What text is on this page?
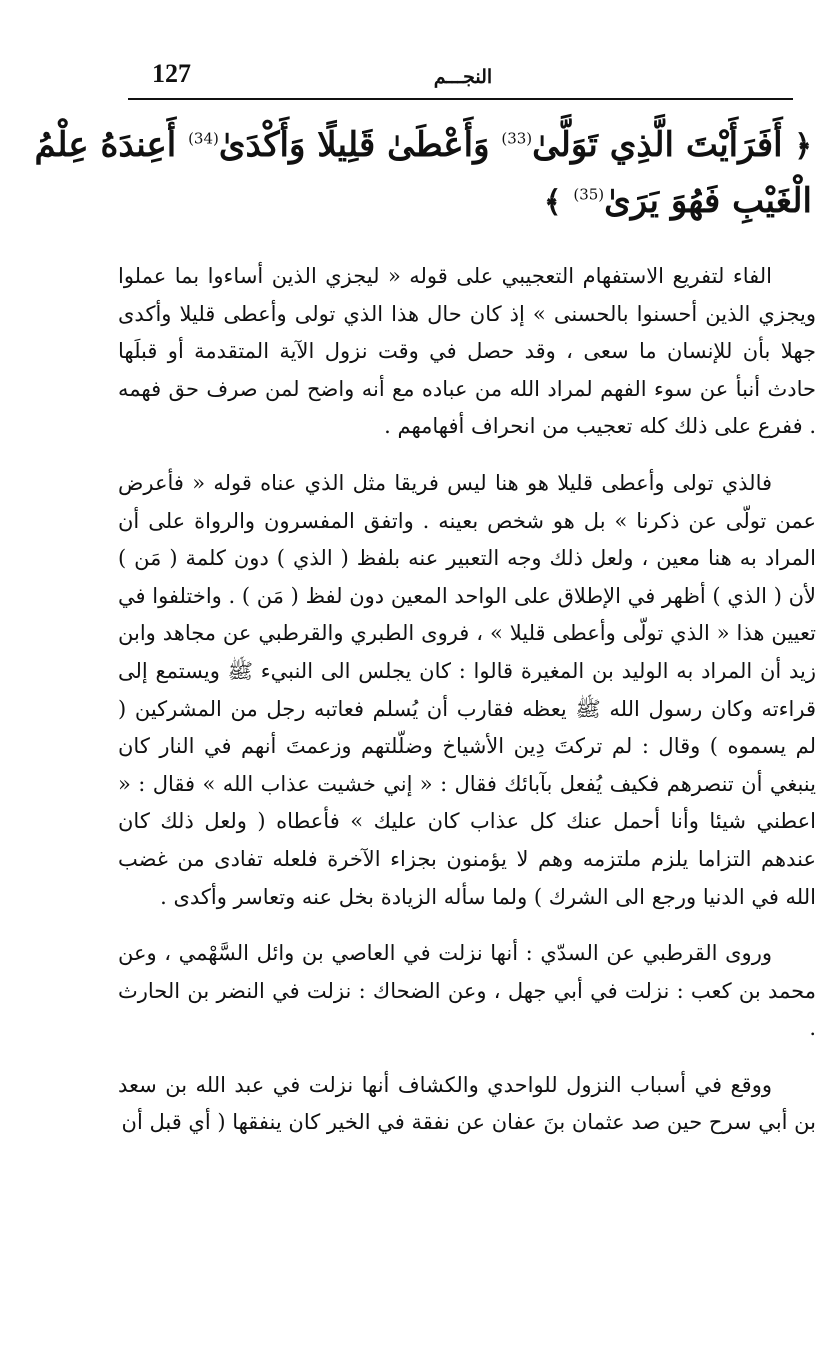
127	النجـــم
﴿ أَفَرَأَيْتَ الَّذِي تَوَلَّىٰ$^{(33)}$ وَأَعْطَىٰ قَلِيلًا وَأَكْدَىٰ$^{(34)}$ أَعِندَهُ عِلْمُ
الْغَيْبِ فَهُوَ يَرَىٰ$^{(35)}$ ﴾

الفاء لتفريع الاستفهام التعجيبي على قوله « ليجزي الذين أساءوا بما عملوا ويجزي الذين أحسنوا بالحسنى » إذ كان حال هذا الذي تولى وأعطى قليلا وأكدى جهلا بأن للإنسان ما سعى ، وقد حصل في وقت نزول الآية المتقدمة أو قبلَها حادث أنبأ عن سوء الفهم لمراد الله من عباده مع أنه واضح لمن صرف حق فهمه . ففرع على ذلك كله تعجيب من انحراف أفهامهم .

فالذي تولى وأعطى قليلا هو هنا ليس فريقا مثل الذي عناه قوله « فأعرض عمن تولّى عن ذكرنا » بل هو شخص بعينه . واتفق المفسرون والرواة على أن المراد به هنا معين ، ولعل ذلك وجه التعبير عنه بلفظ ( الذي ) دون كلمة ( مَن ) لأن ( الذي ) أظهر في الإطلاق على الواحد المعين دون لفظ ( مَن ) . واختلفوا في تعيين هذا « الذي تولّى وأعطى قليلا » ، فروى الطبري والقرطبي عن مجاهد وابن زيد أن المراد به الوليد بن المغيرة قالوا : كان يجلس الى النبيء ﷺ ويستمع إلى قراءته وكان رسول الله ﷺ يعظه فقارب أن يُسلم فعاتبه رجل من المشركين ( لم يسموه ) وقال : لم تركتَ دِين الأشياخ وضلّلتهم وزعمتَ أنهم في النار كان ينبغي أن تنصرهم فكيف يُفعل بآبائك فقال : « إني خشيت عذاب الله » فقال : « اعطني شيئا وأنا أحمل عنك كل عذاب كان عليك » فأعطاه ( ولعل ذلك كان عندهم التزاما يلزم ملتزمه وهم لا يؤمنون بجزاء الآخرة فلعله تفادى من غضب الله في الدنيا ورجع الى الشرك ) ولما سأله الزيادة بخل عنه وتعاسر وأكدى .

وروى القرطبي عن السدّي : أنها نزلت في العاصي بن وائل السَّهْمي ، وعن محمد بن كعب : نزلت في أبي جهل ، وعن الضحاك : نزلت في النضر بن الحارث .

ووقع في أسباب النزول للواحدي والكشاف أنها نزلت في عبد الله بن سعد بن أبي سرح حين صد عثمان بنَ عفان عن نفقة في الخير كان ينفقها ( أي قبل أن
